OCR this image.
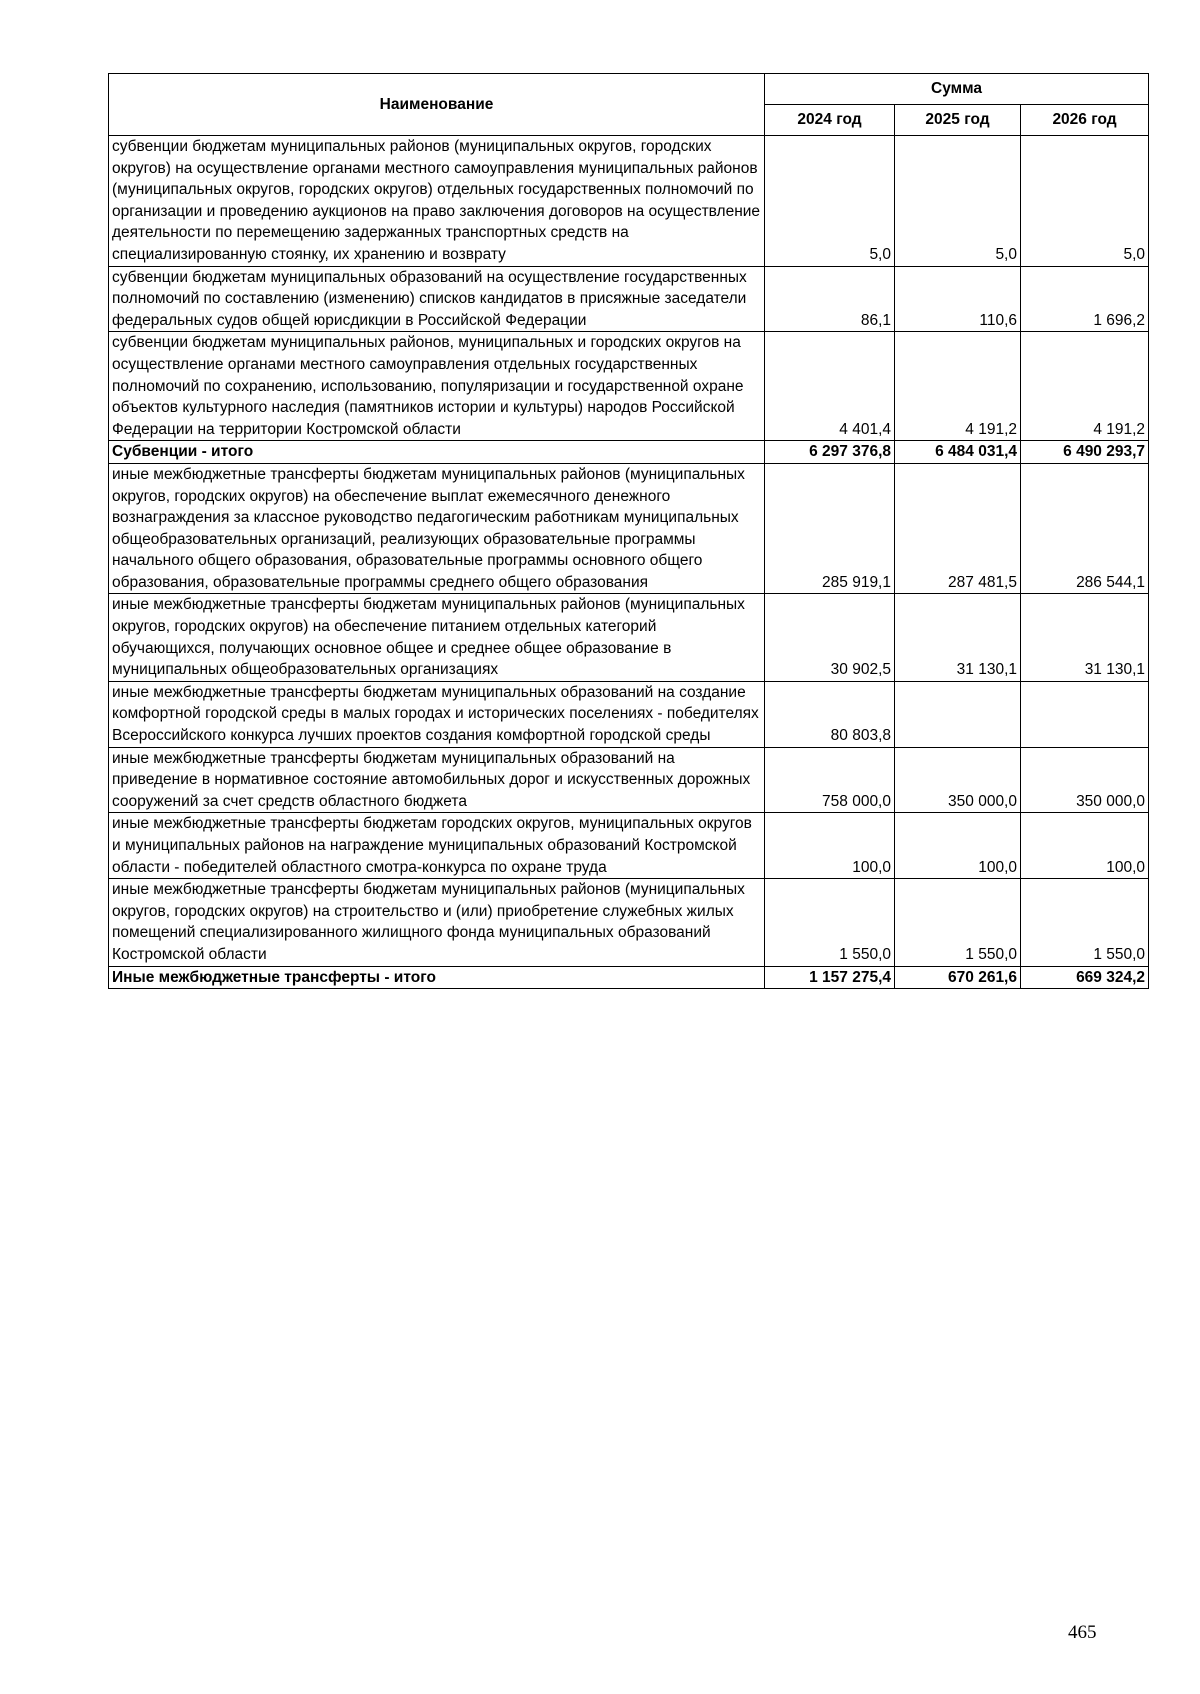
Наименование	Сумма		
	2024 год	2025 год	2026 год
субвенции бюджетам муниципальных районов (муниципальных округов, городских округов) на осуществление органами местного самоуправления муниципальных районов (муниципальных округов, городских округов) отдельных государственных полномочий по организации и проведению аукционов на право заключения договоров на осуществление деятельности по перемещению задержанных транспортных средств на специализированную стоянку, их хранению и возврату	5,0	5,0	5,0
субвенции бюджетам муниципальных образований на осуществление государственных полномочий по составлению (изменению) списков кандидатов в присяжные заседатели федеральных судов общей юрисдикции в Российской Федерации	86,1	110,6	1 696,2
субвенции бюджетам муниципальных районов, муниципальных и городских округов на осуществление органами местного самоуправления отдельных государственных полномочий по сохранению, использованию, популяризации и государственной охране объектов культурного наследия (памятников истории и культуры) народов Российской Федерации на территории Костромской области	4 401,4	4 191,2	4 191,2
Субвенции - итого	6 297 376,8	6 484 031,4	6 490 293,7
иные межбюджетные трансферты бюджетам муниципальных районов (муниципальных округов, городских округов) на обеспечение выплат ежемесячного денежного вознаграждения за классное руководство педагогическим работникам муниципальных общеобразовательных организаций, реализующих образовательные программы начального общего образования, образовательные программы основного общего образования, образовательные программы среднего общего образования	285 919,1	287 481,5	286 544,1
иные межбюджетные трансферты бюджетам муниципальных районов (муниципальных округов, городских округов) на обеспечение питанием отдельных категорий обучающихся, получающих основное общее и среднее общее образование в муниципальных общеобразовательных организациях	30 902,5	31 130,1	31 130,1
иные межбюджетные трансферты бюджетам муниципальных образований на создание комфортной городской среды в малых городах и исторических поселениях - победителях Всероссийского конкурса лучших проектов создания комфортной городской среды	80 803,8		
иные межбюджетные трансферты бюджетам муниципальных образований на приведение в нормативное состояние автомобильных дорог и искусственных дорожных сооружений за счет средств областного бюджета	758 000,0	350 000,0	350 000,0
иные межбюджетные трансферты бюджетам городских округов, муниципальных округов и муниципальных районов на награждение муниципальных образований Костромской области - победителей областного смотра-конкурса по охране труда	100,0	100,0	100,0
иные межбюджетные трансферты бюджетам муниципальных районов (муниципальных округов, городских округов) на строительство и (или) приобретение служебных жилых помещений специализированного жилищного фонда муниципальных образований Костромской области	1 550,0	1 550,0	1 550,0
Иные межбюджетные трансферты - итого	1 157 275,4	670 261,6	669 324,2
465
